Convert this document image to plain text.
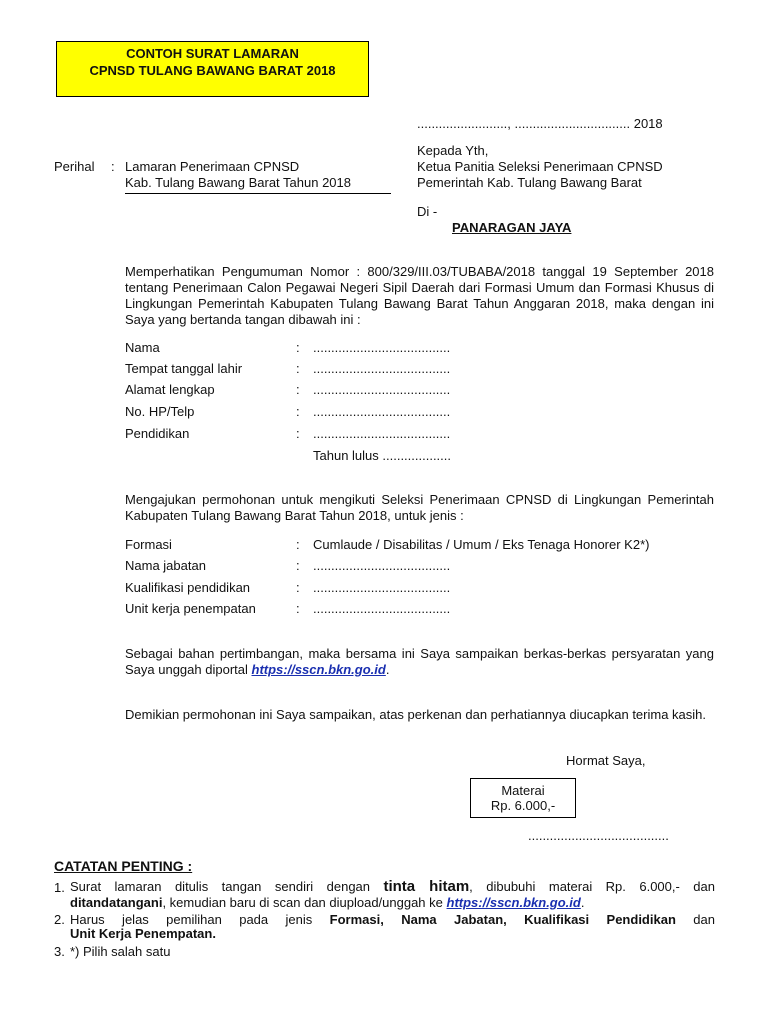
CONTOH SURAT LAMARAN
CPNSD TULANG BAWANG BARAT 2018
........................., ................................ 2018
Perihal : Lamaran Penerimaan CPNSD
Kab. Tulang Bawang Barat Tahun 2018
Kepada Yth,
Ketua Panitia Seleksi Penerimaan CPNSD
Pemerintah Kab. Tulang Bawang Barat
Di -
PANARAGAN JAYA
Memperhatikan Pengumuman Nomor : 800/329/III.03/TUBABA/2018 tanggal 19 September 2018 tentang Penerimaan Calon Pegawai Negeri Sipil Daerah dari Formasi Umum dan Formasi Khusus di Lingkungan Pemerintah Kabupaten Tulang Bawang Barat Tahun Anggaran 2018, maka dengan ini Saya yang bertanda tangan dibawah ini :
Nama	: ......................................
Tempat tanggal lahir	: ......................................
Alamat lengkap	: ......................................
No. HP/Telp	: ......................................
Pendidikan	: ......................................
Tahun lulus ...................
Mengajukan permohonan untuk mengikuti Seleksi Penerimaan CPNSD di Lingkungan Pemerintah Kabupaten Tulang Bawang Barat Tahun 2018, untuk jenis :
Formasi	: Cumlaude / Disabilitas / Umum / Eks Tenaga Honorer K2*)
Nama jabatan	: ......................................
Kualifikasi pendidikan	: ......................................
Unit kerja penempatan	: ......................................
Sebagai bahan pertimbangan, maka bersama ini Saya sampaikan berkas-berkas persyaratan yang Saya unggah diportal https://sscn.bkn.go.id.
Demikian permohonan ini Saya sampaikan, atas perkenan dan perhatiannya diucapkan terima kasih.
Hormat Saya,
Materai
Rp. 6.000,-
.......................................
CATATAN PENTING :
1. Surat lamaran ditulis tangan sendiri dengan tinta hitam, dibubuhi materai Rp. 6.000,- dan
ditandatangani, kemudian baru di scan dan diupload/unggah ke https://sscn.bkn.go.id.
2. Harus jelas pemilihan pada jenis Formasi, Nama Jabatan, Kualifikasi Pendidikan dan
Unit Kerja Penempatan.
3. *) Pilih salah satu
